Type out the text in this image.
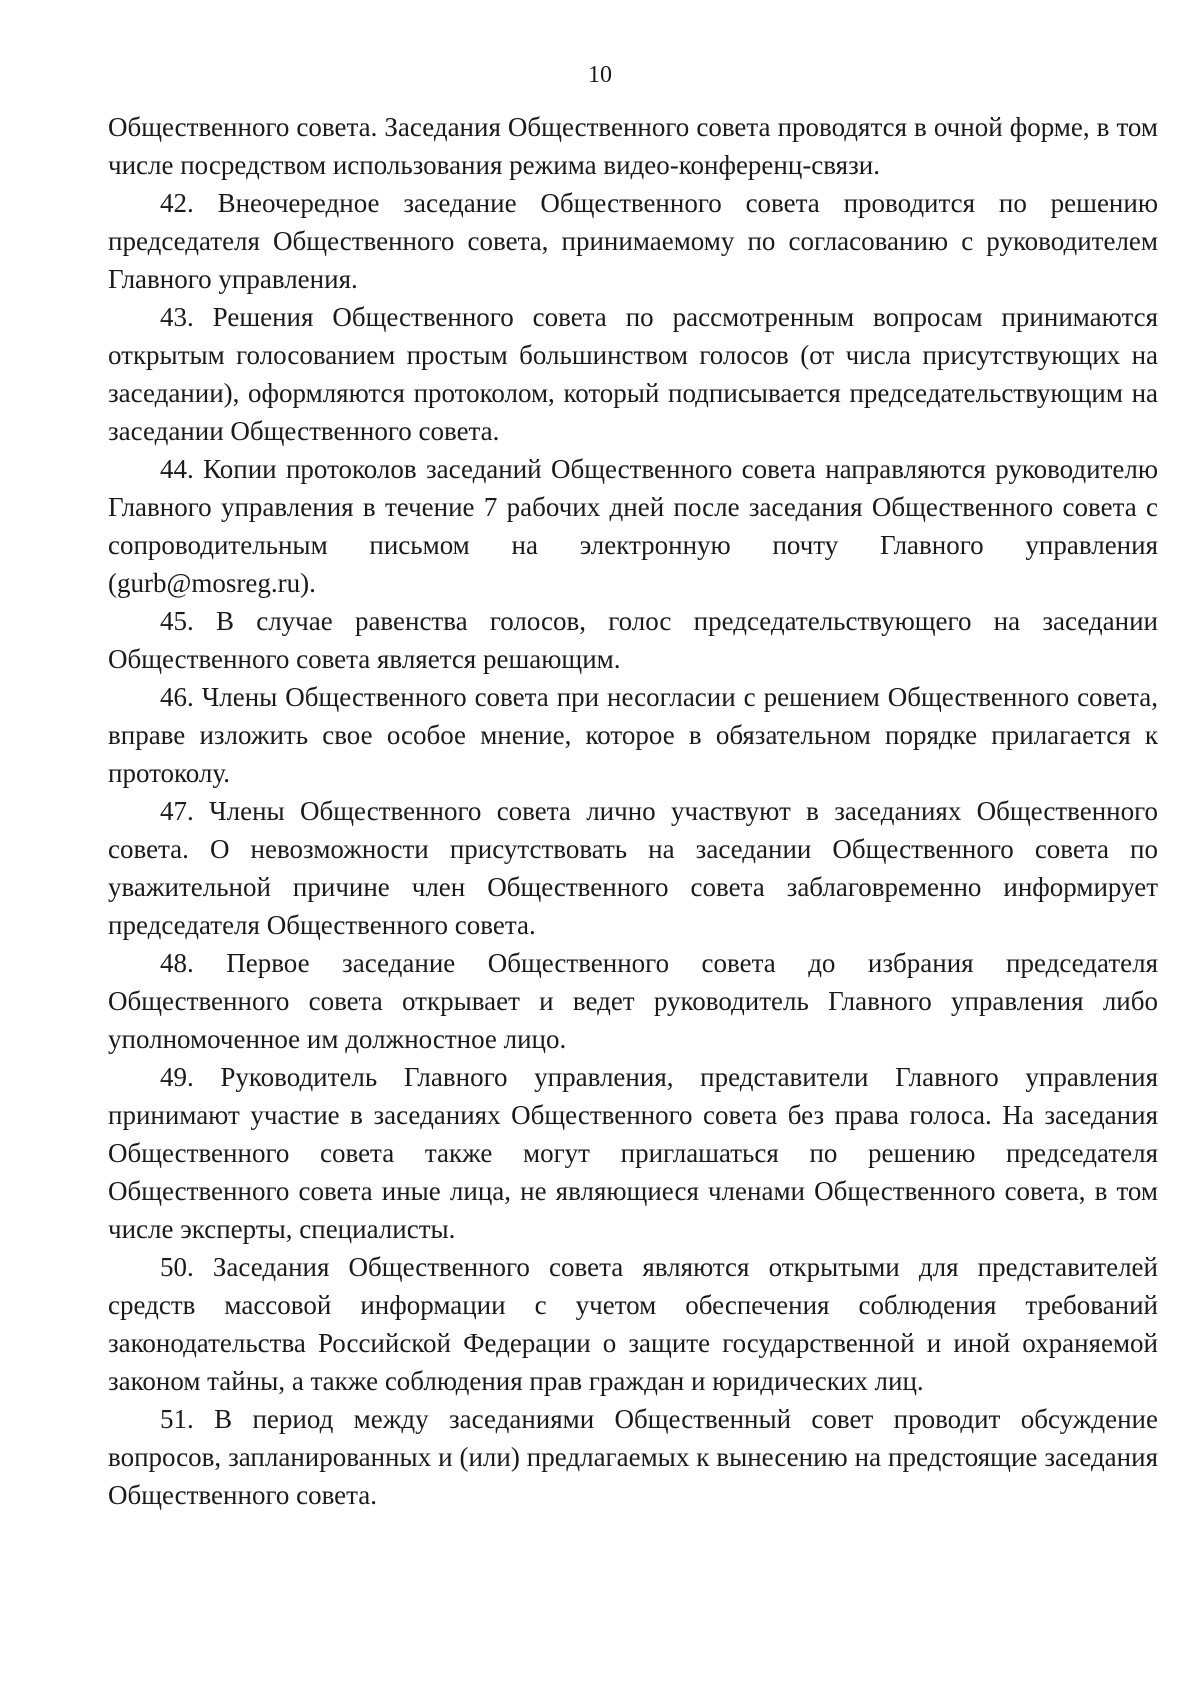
10

Общественного совета. Заседания Общественного совета проводятся в очной форме, в том числе посредством использования режима видео-конференц-связи.

42. Внеочередное заседание Общественного совета проводится по решению председателя Общественного совета, принимаемому по согласованию с руководителем Главного управления.

43. Решения Общественного совета по рассмотренным вопросам принимаются открытым голосованием простым большинством голосов (от числа присутствующих на заседании), оформляются протоколом, который подписывается председательствующим на заседании Общественного совета.

44. Копии протоколов заседаний Общественного совета направляются руководителю Главного управления в течение 7 рабочих дней после заседания Общественного совета с сопроводительным письмом на электронную почту Главного управления (gurb@mosreg.ru).

45. В случае равенства голосов, голос председательствующего на заседании Общественного совета является решающим.

46. Члены Общественного совета при несогласии с решением Общественного совета, вправе изложить свое особое мнение, которое в обязательном порядке прилагается к протоколу.

47. Члены Общественного совета лично участвуют в заседаниях Общественного совета. О невозможности присутствовать на заседании Общественного совета по уважительной причине член Общественного совета заблаговременно информирует председателя Общественного совета.

48. Первое заседание Общественного совета до избрания председателя Общественного совета открывает и ведет руководитель Главного управления либо уполномоченное им должностное лицо.

49. Руководитель Главного управления, представители Главного управления принимают участие в заседаниях Общественного совета без права голоса. На заседания Общественного совета также могут приглашаться по решению председателя Общественного совета иные лица, не являющиеся членами Общественного совета, в том числе эксперты, специалисты.

50. Заседания Общественного совета являются открытыми для представителей средств массовой информации с учетом обеспечения соблюдения требований законодательства Российской Федерации о защите государственной и иной охраняемой законом тайны, а также соблюдения прав граждан и юридических лиц.

51. В период между заседаниями Общественный совет проводит обсуждение вопросов, запланированных и (или) предлагаемых к вынесению на предстоящие заседания Общественного совета.
